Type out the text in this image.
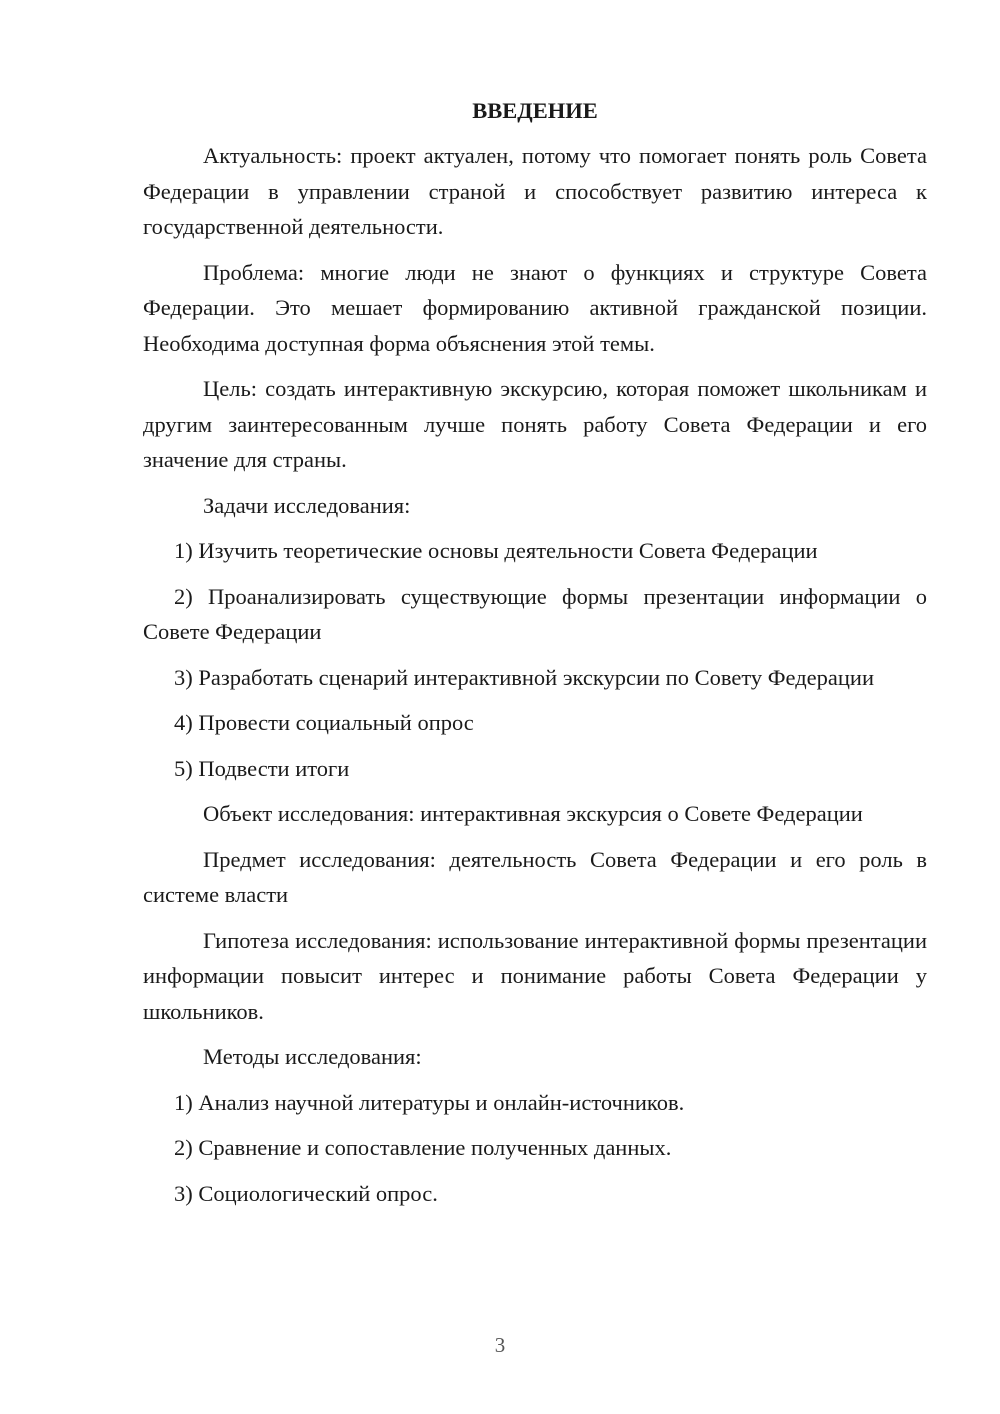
ВВЕДЕНИЕ
Актуальность: проект актуален, потому что помогает понять роль Совета Федерации в управлении страной и способствует развитию интереса к государственной деятельности.
Проблема: многие люди не знают о функциях и структуре Совета Федерации. Это мешает формированию активной гражданской позиции. Необходима доступная форма объяснения этой темы.
Цель: создать интерактивную экскурсию, которая поможет школьникам и другим заинтересованным лучше понять работу Совета Федерации и его значение для страны.
Задачи исследования:
1) Изучить теоретические основы деятельности Совета Федерации
2) Проанализировать существующие формы презентации информации о Совете Федерации
3) Разработать сценарий интерактивной экскурсии по Совету Федерации
4) Провести социальный опрос
5) Подвести итоги
Объект исследования: интерактивная экскурсия о Совете Федерации
Предмет исследования: деятельность Совета Федерации и его роль в системе власти
Гипотеза исследования: использование интерактивной формы презентации информации повысит интерес и понимание работы Совета Федерации у школьников.
Методы исследования:
1) Анализ научной литературы и онлайн-источников.
2) Сравнение и сопоставление полученных данных.
3) Социологический опрос.
3
